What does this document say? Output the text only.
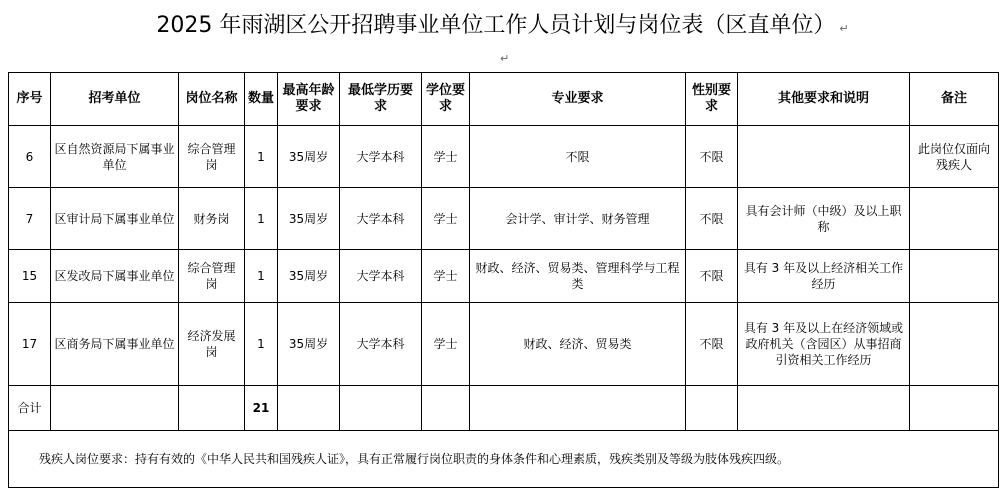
2025 年雨湖区公开招聘事业单位工作人员计划与岗位表（区直单位） ↵
↵
序号	招考单位	岗位名称	数量	最高年龄要求	最低学历要求	学位要求	专业要求	性别要求	其他要求和说明	备注
6	区自然资源局下属事业单位	综合管理岗	1	35周岁	大学本科	学士	不限	不限		此岗位仅面向残疾人
7	区审计局下属事业单位	财务岗	1	35周岁	大学本科	学士	会计学、审计学、财务管理	不限	具有会计师（中级）及以上职称	
15	区发改局下属事业单位	综合管理岗	1	35周岁	大学本科	学士	财政、经济、贸易类、管理科学与工程类	不限	具有 3 年及以上经济相关工作经历	
17	区商务局下属事业单位	经济发展岗	1	35周岁	大学本科	学士	财政、经济、贸易类	不限	具有 3 年及以上在经济领域或政府机关（含园区）从事招商引资相关工作经历	
合计			21							
残疾人岗位要求：持有有效的《中华人民共和国残疾人证》，具有正常履行岗位职责的身体条件和心理素质，残疾类别及等级为肢体残疾四级。										
